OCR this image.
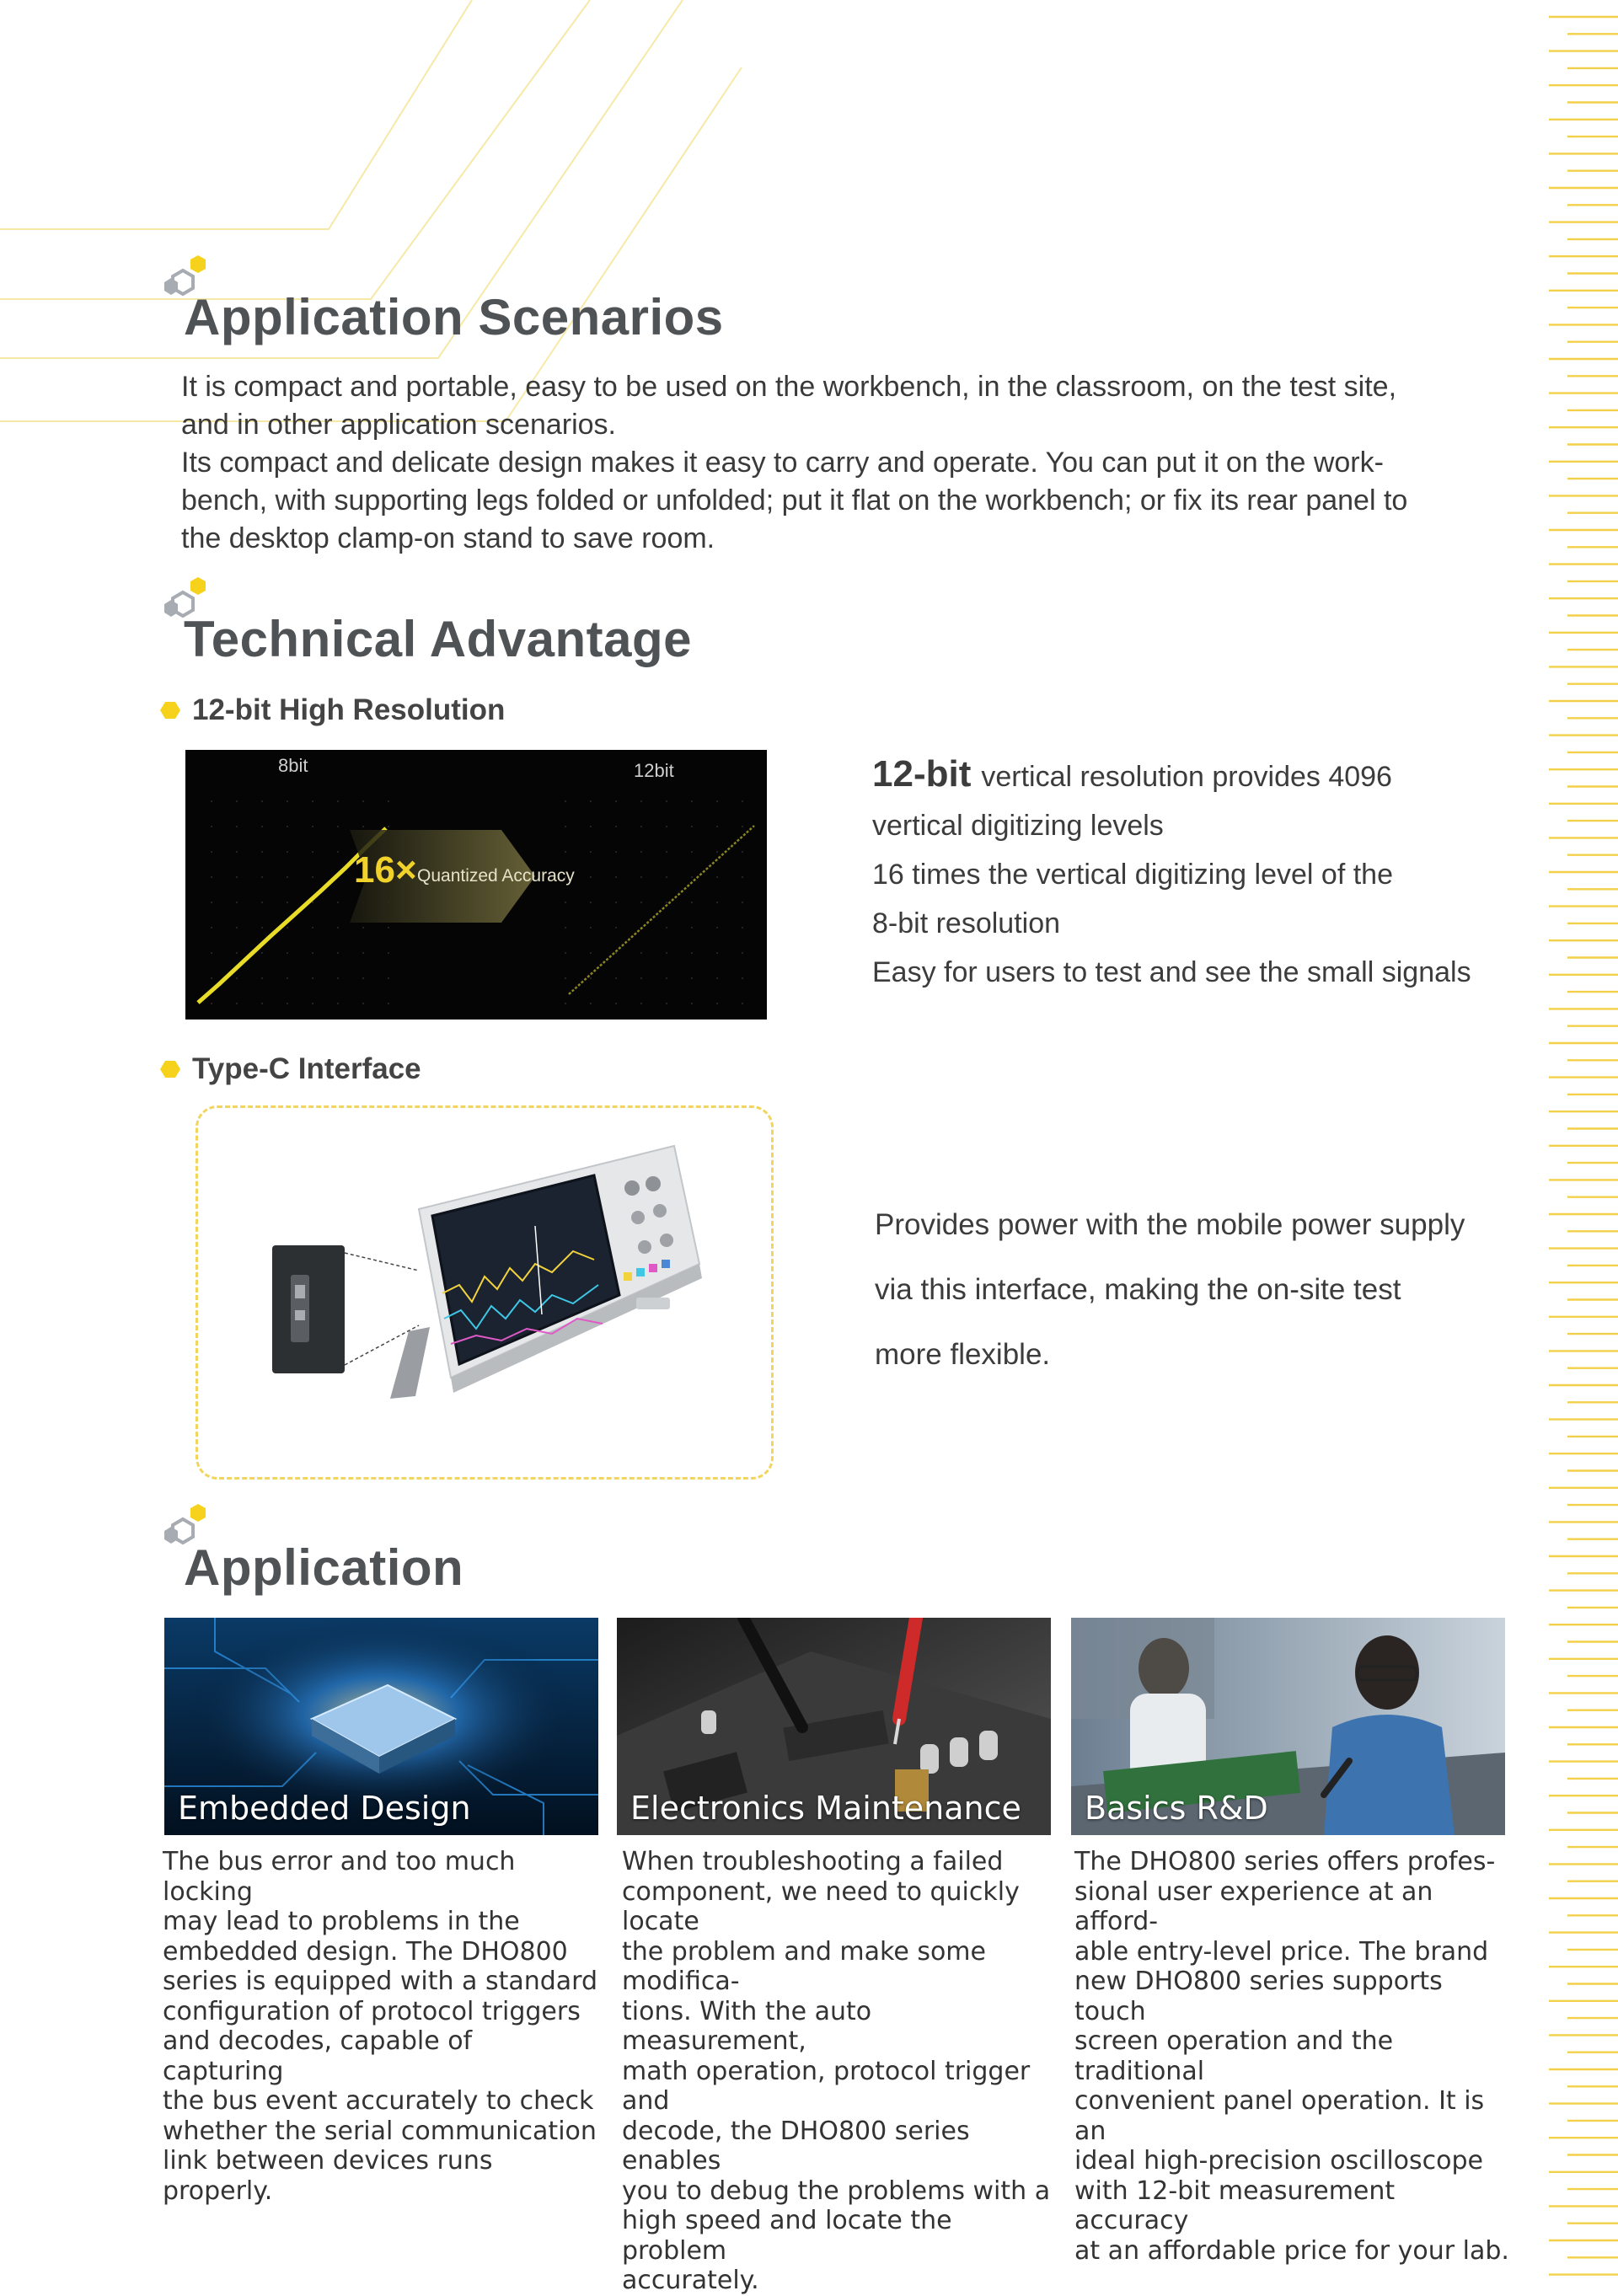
Application Scenarios
It is compact and portable, easy to be used on the workbench, in the classroom, on the test site,
and in other application scenarios.
Its compact and delicate design makes it easy to carry and operate. You can put it on the work-
bench, with supporting legs folded or unfolded; put it flat on the workbench; or fix its rear panel to
the desktop clamp-on stand to save room.
Technical Advantage
12-bit High Resolution
8bit	12bit
16× Quantized Accuracy

12-bit vertical resolution provides 4096

vertical digitizing levels

16 times the vertical digitizing level of the

8-bit resolution

Easy for users to test and see the small signals

Type-C Interface

Provides power with the mobile power supply

via this interface, making the on-site test

more flexible.

Application
Embedded Design	Electronics Maintenance Basics R&D
The bus error and too much locking
may lead to problems in the
embedded design. The DHO800
series is equipped with a standard
configuration of protocol triggers
and decodes, capable of capturing
the bus event accurately to check
whether the serial communication
link between devices runs properly.
When troubleshooting a failed
component, we need to quickly locate
the problem and make some modifica-
tions. With the auto measurement,
math operation, protocol trigger and
decode, the DHO800 series enables
you to debug the problems with a
high speed and locate the problem
accurately.
The DHO800 series offers profes-
sional user experience at an afford-
able entry-level price. The brand
new DHO800 series supports touch
screen operation and the traditional
convenient panel operation. It is an
ideal high-precision oscilloscope
with 12-bit measurement accuracy
at an affordable price for your lab.
